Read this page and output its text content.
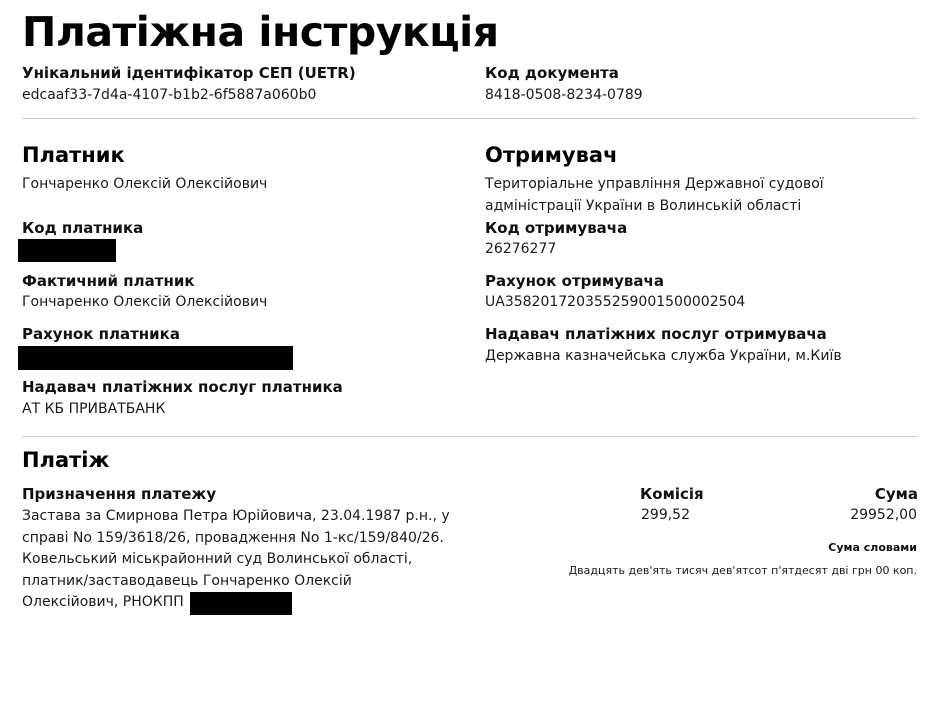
Платіжна інструкція
Унікальний ідентифікатор СЕП (UETR)
edcaaf33-7d4a-4107-b1b2-6f5887a060b0
Код документа
8418-0508-8234-0789
Платник
Гончаренко Олексій Олексійович
Код платника
Фактичний платник
Гончаренко Олексій Олексійович
Рахунок платника
Надавач платіжних послуг платника
АТ КБ ПРИВАТБАНК
Отримувач
Територіальне управління Державної судової
адміністрації України в Волинській області
Код отримувача
26276277
Рахунок отримувача
UA358201720355259001500002504
Надавач платіжних послуг отримувача
Державна казначейська служба України, м.Київ
Платіж
Призначення платежу
Застава за Смирнова Петра Юрійовича, 23.04.1987 р.н., у
справі No 159/3618/26, провадження No 1-кс/159/840/26.
Ковельський міськрайонний суд Волинської області,
платник/заставодавець Гончаренко Олексій
Олексійович, РНОКПП
Комісія
299,52
Сума
29952,00
Сума словами
Двадцять дев'ять тисяч дев'ятсот п'ятдесят дві грн 00 коп.
